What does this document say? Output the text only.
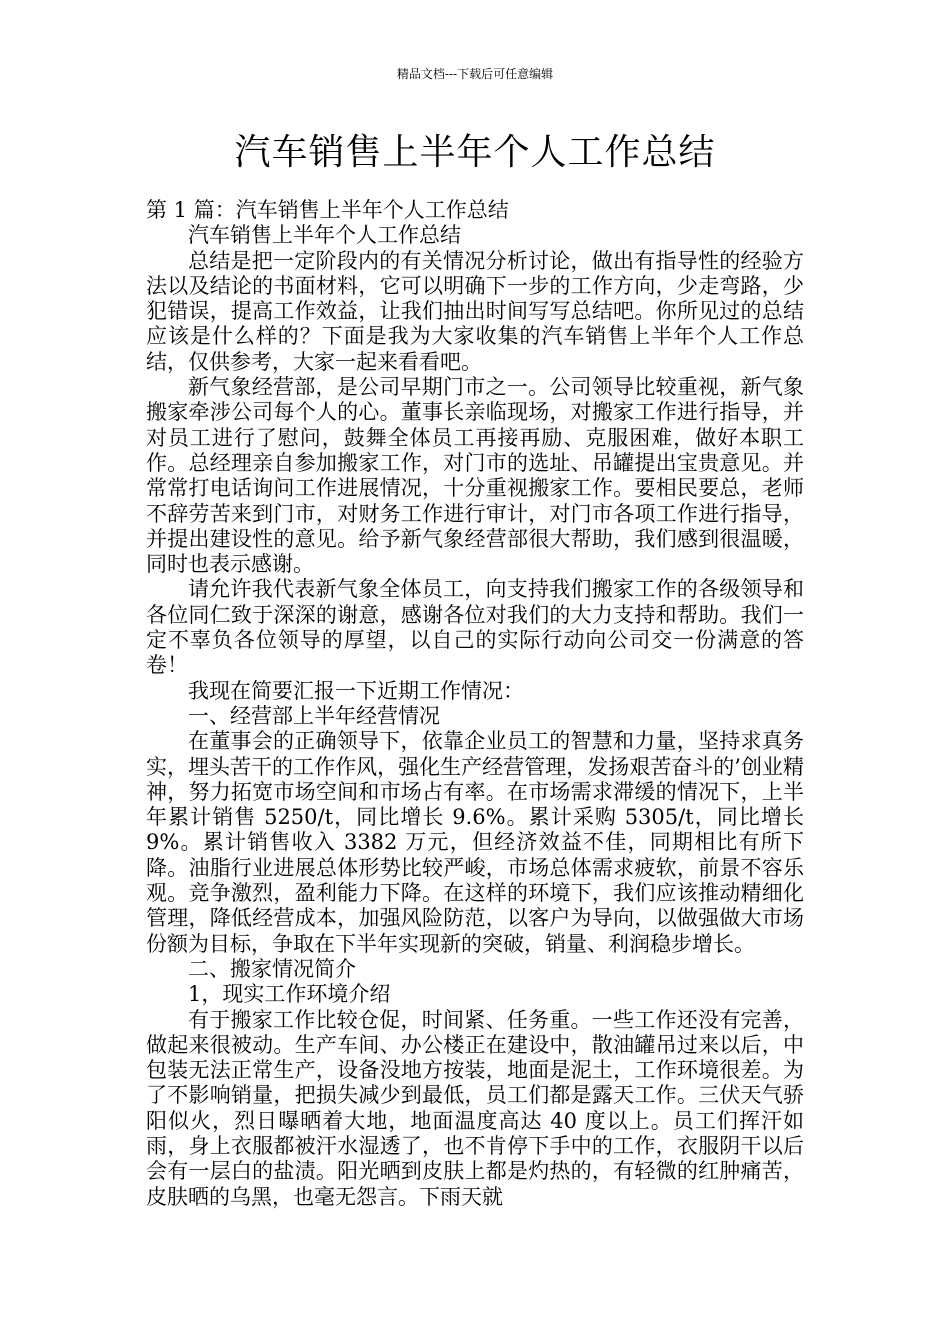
精品文档---下载后可任意编辑
汽车销售上半年个人工作总结

第 1 篇：汽车销售上半年个人工作总结

汽车销售上半年个人工作总结

总结是把一定阶段内的有关情况分析讨论，做出有指导性的经验方法以及结论的书面材料，它可以明确下一步的工作方向，少走弯路，少犯错误，提高工作效益，让我们抽出时间写写总结吧。你所见过的总结应该是什么样的？下面是我为大家收集的汽车销售上半年个人工作总结，仅供参考，大家一起来看看吧。

新气象经营部，是公司早期门市之一。公司领导比较重视，新气象搬家牵涉公司每个人的心。董事长亲临现场，对搬家工作进行指导，并对员工进行了慰问，鼓舞全体员工再接再励、克服困难，做好本职工作。总经理亲自参加搬家工作，对门市的选址、吊罐提出宝贵意见。并常常打电话询问工作进展情况，十分重视搬家工作。要相民要总，老师不辞劳苦来到门市，对财务工作进行审计，对门市各项工作进行指导，并提出建设性的意见。给予新气象经营部很大帮助，我们感到很温暖，同时也表示感谢。

请允许我代表新气象全体员工，向支持我们搬家工作的各级领导和各位同仁致于深深的谢意，感谢各位对我们的大力支持和帮助。我们一定不辜负各位领导的厚望，以自己的实际行动向公司交一份满意的答卷！

我现在简要汇报一下近期工作情况：

一、经营部上半年经营情况

在董事会的正确领导下，依靠企业员工的智慧和力量，坚持求真务实，埋头苦干的工作作风，强化生产经营管理，发扬艰苦奋斗的’创业精神，努力拓宽市场空间和市场占有率。在市场需求滞缓的情况下，上半年累计销售 5250/t，同比增长 9.6%。累计采购 5305/t，同比增长 9%。累计销售收入 3382 万元，但经济效益不佳，同期相比有所下降。油脂行业进展总体形势比较严峻，市场总体需求疲软，前景不容乐观。竞争激烈，盈利能力下降。在这样的环境下，我们应该推动精细化管理，降低经营成本，加强风险防范，以客户为导向，以做强做大市场份额为目标，争取在下半年实现新的突破，销量、利润稳步增长。

二、搬家情况简介

1，现实工作环境介绍

有于搬家工作比较仓促，时间紧、任务重。一些工作还没有完善，做起来很被动。生产车间、办公楼正在建设中，散油罐吊过来以后，中包装无法正常生产，设备没地方按装，地面是泥土，工作环境很差。为了不影响销量，把损失减少到最低，员工们都是露天工作。三伏天气骄阳似火，烈日曝晒着大地，地面温度高达 40 度以上。员工们挥汗如雨，身上衣服都被汗水湿透了，也不肯停下手中的工作，衣服阴干以后会有一层白的盐渍。阳光晒到皮肤上都是灼热的，有轻微的红肿痛苦，皮肤晒的乌黑，也毫无怨言。下雨天就
